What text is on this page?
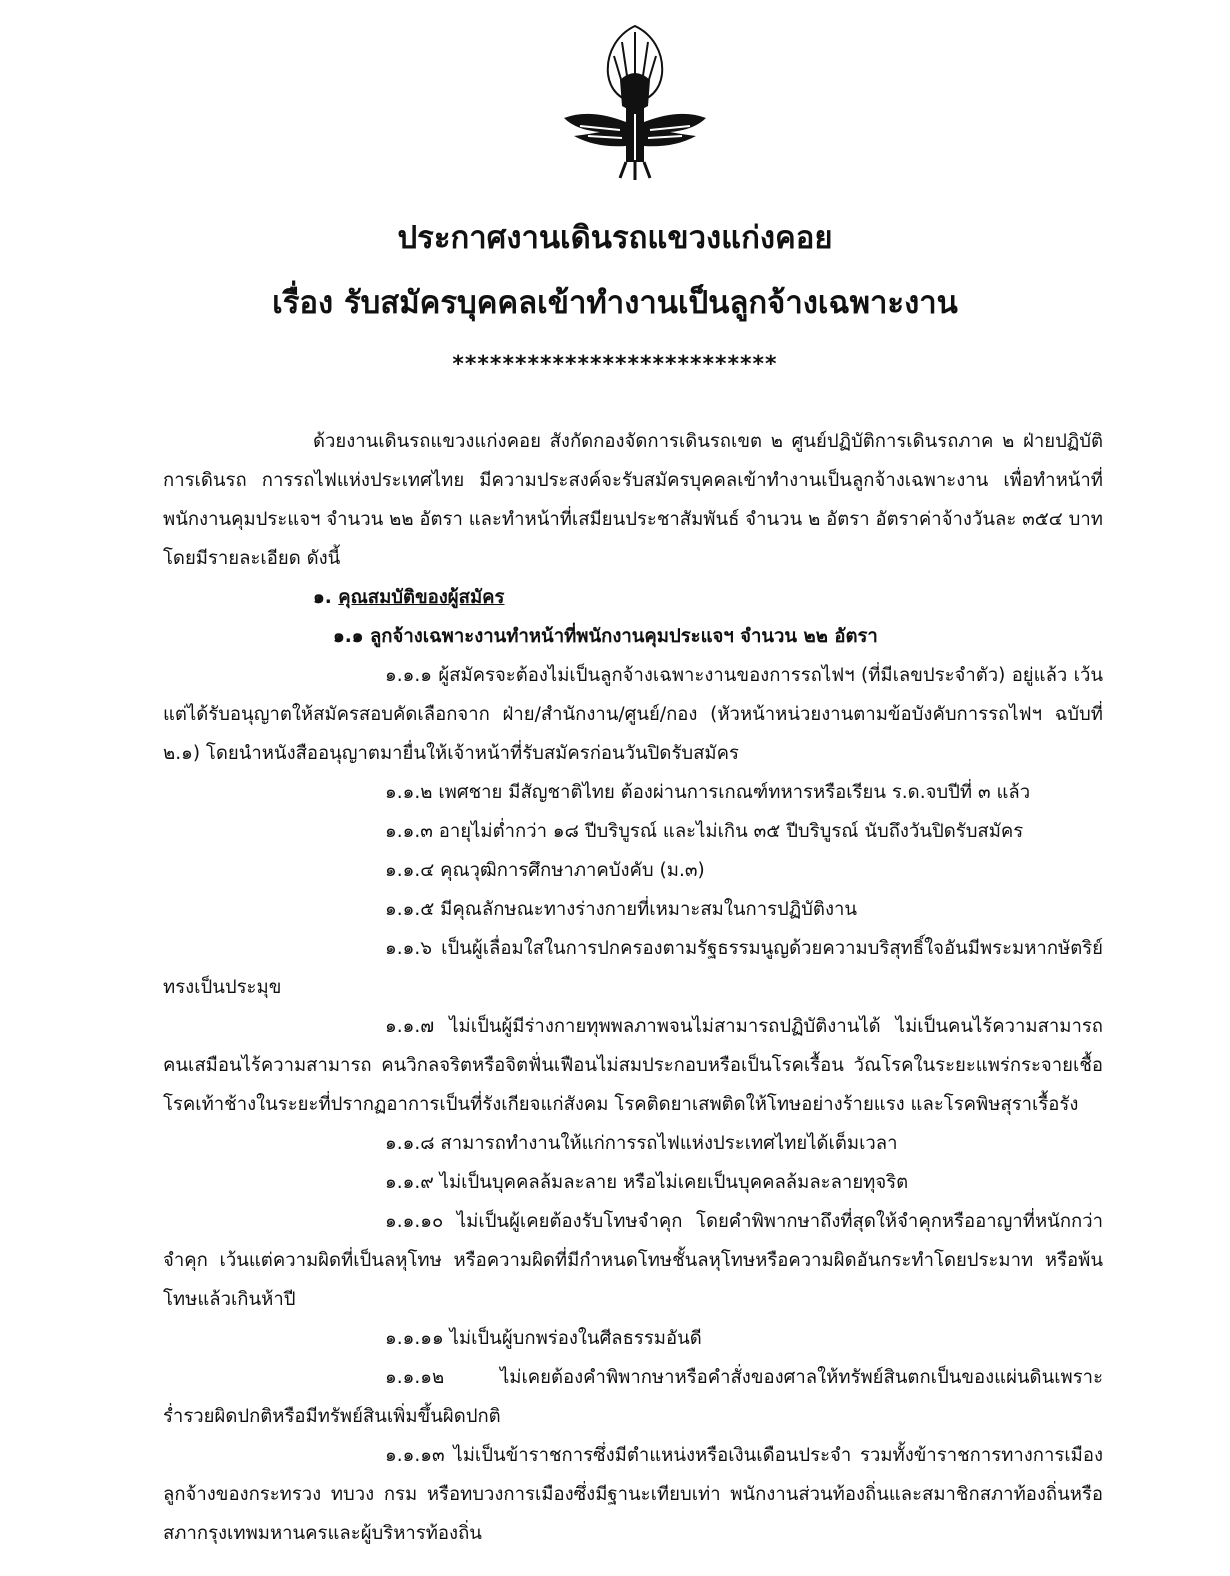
ประกาศงานเดินรถแขวงแก่งคอย
เรื่อง รับสมัครบุคคลเข้าทำงานเป็นลูกจ้างเฉพาะงาน
**************************

ด้วยงานเดินรถแขวงแก่งคอย สังกัดกองจัดการเดินรถเขต ๒ ศูนย์ปฏิบัติการเดินรถภาค ๒ ฝ่ายปฏิบัติการเดินรถ การรถไฟแห่งประเทศไทย มีความประสงค์จะรับสมัครบุคคลเข้าทำงานเป็นลูกจ้างเฉพาะงาน เพื่อทำหน้าที่พนักงานคุมประแจฯ จำนวน ๒๒ อัตรา และทำหน้าที่เสมียนประชาสัมพันธ์ จำนวน ๒ อัตรา อัตราค่าจ้างวันละ ๓๕๔ บาท โดยมีรายละเอียด ดังนี้

๑. คุณสมบัติของผู้สมัคร

๑.๑ ลูกจ้างเฉพาะงานทำหน้าที่พนักงานคุมประแจฯ จำนวน ๒๒ อัตรา

๑.๑.๑ ผู้สมัครจะต้องไม่เป็นลูกจ้างเฉพาะงานของการรถไฟฯ (ที่มีเลขประจำตัว) อยู่แล้ว เว้นแต่ได้รับอนุญาตให้สมัครสอบคัดเลือกจาก ฝ่าย/สำนักงาน/ศูนย์/กอง (หัวหน้าหน่วยงานตามข้อบังคับการรถไฟฯ ฉบับที่ ๒.๑) โดยนำหนังสืออนุญาตมายื่นให้เจ้าหน้าที่รับสมัครก่อนวันปิดรับสมัคร

๑.๑.๒ เพศชาย มีสัญชาติไทย ต้องผ่านการเกณฑ์ทหารหรือเรียน ร.ด.จบปีที่ ๓ แล้ว

๑.๑.๓ อายุไม่ต่ำกว่า ๑๘ ปีบริบูรณ์ และไม่เกิน ๓๕ ปีบริบูรณ์ นับถึงวันปิดรับสมัคร

๑.๑.๔ คุณวุฒิการศึกษาภาคบังคับ (ม.๓)

๑.๑.๕ มีคุณลักษณะทางร่างกายที่เหมาะสมในการปฏิบัติงาน

๑.๑.๖ เป็นผู้เลื่อมใสในการปกครองตามรัฐธรรมนูญด้วยความบริสุทธิ์ใจอันมีพระมหากษัตริย์ทรงเป็นประมุข

๑.๑.๗ ไม่เป็นผู้มีร่างกายทุพพลภาพจนไม่สามารถปฏิบัติงานได้ ไม่เป็นคนไร้ความสามารถ คนเสมือนไร้ความสามารถ คนวิกลจริตหรือจิตฟั่นเฟือนไม่สมประกอบหรือเป็นโรคเรื้อน วัณโรคในระยะแพร่กระจายเชื้อ โรคเท้าช้างในระยะที่ปรากฏอาการเป็นที่รังเกียจแก่สังคม โรคติดยาเสพติดให้โทษอย่างร้ายแรง และโรคพิษสุราเรื้อรัง

๑.๑.๘ สามารถทำงานให้แก่การรถไฟแห่งประเทศไทยได้เต็มเวลา

๑.๑.๙ ไม่เป็นบุคคลล้มละลาย หรือไม่เคยเป็นบุคคลล้มละลายทุจริต

๑.๑.๑๐ ไม่เป็นผู้เคยต้องรับโทษจำคุก โดยคำพิพากษาถึงที่สุดให้จำคุกหรืออาญาที่หนักกว่าจำคุก เว้นแต่ความผิดที่เป็นลหุโทษ หรือความผิดที่มีกำหนดโทษชั้นลหุโทษหรือความผิดอันกระทำโดยประมาท หรือพ้นโทษแล้วเกินห้าปี

๑.๑.๑๑ ไม่เป็นผู้บกพร่องในศีลธรรมอันดี

๑.๑.๑๒ ไม่เคยต้องคำพิพากษาหรือคำสั่งของศาลให้ทรัพย์สินตกเป็นของแผ่นดินเพราะร่ำรวยผิดปกติหรือมีทรัพย์สินเพิ่มขึ้นผิดปกติ

๑.๑.๑๓ ไม่เป็นข้าราชการซึ่งมีตำแหน่งหรือเงินเดือนประจำ รวมทั้งข้าราชการทางการเมือง ลูกจ้างของกระทรวง ทบวง กรม หรือทบวงการเมืองซึ่งมีฐานะเทียบเท่า พนักงานส่วนท้องถิ่นและสมาชิกสภาท้องถิ่นหรือสภากรุงเทพมหานครและผู้บริหารท้องถิ่น
